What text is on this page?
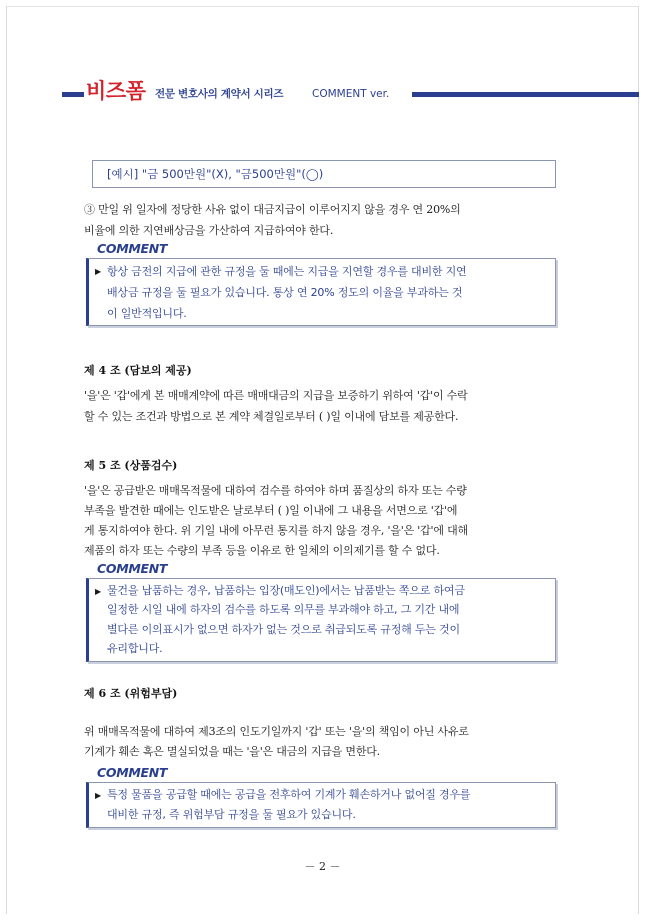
비즈폼 전문 변호사의 계약서 시리즈	COMMENT ver.
[예시] "금 500만원"(X), "금500만원"(◯)
③ 만일 위 일자에 정당한 사유 없이 대금지급이 이루어지지 않을 경우 연 20%의
비율에 의한 지연배상금을 가산하여 지급하여야 한다.
COMMENT
▶ 항상 금전의 지급에 관한 규정을 둘 때에는 지급을 지연할 경우를 대비한 지연
배상금 규정을 둘 필요가 있습니다. 통상 연 20% 정도의 이율을 부과하는 것
이 일반적입니다.
제 4 조 (담보의 제공)
'을'은 '갑'에게 본 매매계약에 따른 매매대금의 지급을 보증하기 위하여 '갑'이 수락
할 수 있는 조건과 방법으로 본 계약 체결일로부터 ( )일 이내에 담보를 제공한다.
제 5 조 (상품검수)
'을'은 공급받은 매매목적물에 대하여 검수를 하여야 하며 품질상의 하자 또는 수량
부족을 발견한 때에는 인도받은 날로부터 ( )일 이내에 그 내용을 서면으로 '갑'에
게 통지하여야 한다. 위 기일 내에 아무런 통지를 하지 않을 경우, '을'은 '갑'에 대해
제품의 하자 또는 수량의 부족 등을 이유로 한 일체의 이의제기를 할 수 없다.
COMMENT
▶ 물건을 납품하는 경우, 납품하는 입장(매도인)에서는 납품받는 쪽으로 하여금
일정한 시일 내에 하자의 검수를 하도록 의무를 부과해야 하고, 그 기간 내에
별다른 이의표시가 없으면 하자가 없는 것으로 취급되도록 규정해 두는 것이
유리합니다.
제 6 조 (위험부담)
위 매매목적물에 대하여 제3조의 인도기일까지 '갑' 또는 '을'의 책임이 아닌 사유로
기계가 훼손 혹은 멸실되었을 때는 '을'은 대금의 지급을 면한다.
COMMENT
▶ 특정 물품을 공급할 때에는 공급을 전후하여 기계가 훼손하거나 없어질 경우를
대비한 규정, 즉 위험부담 규정을 둘 필요가 있습니다.
－ 2 －
